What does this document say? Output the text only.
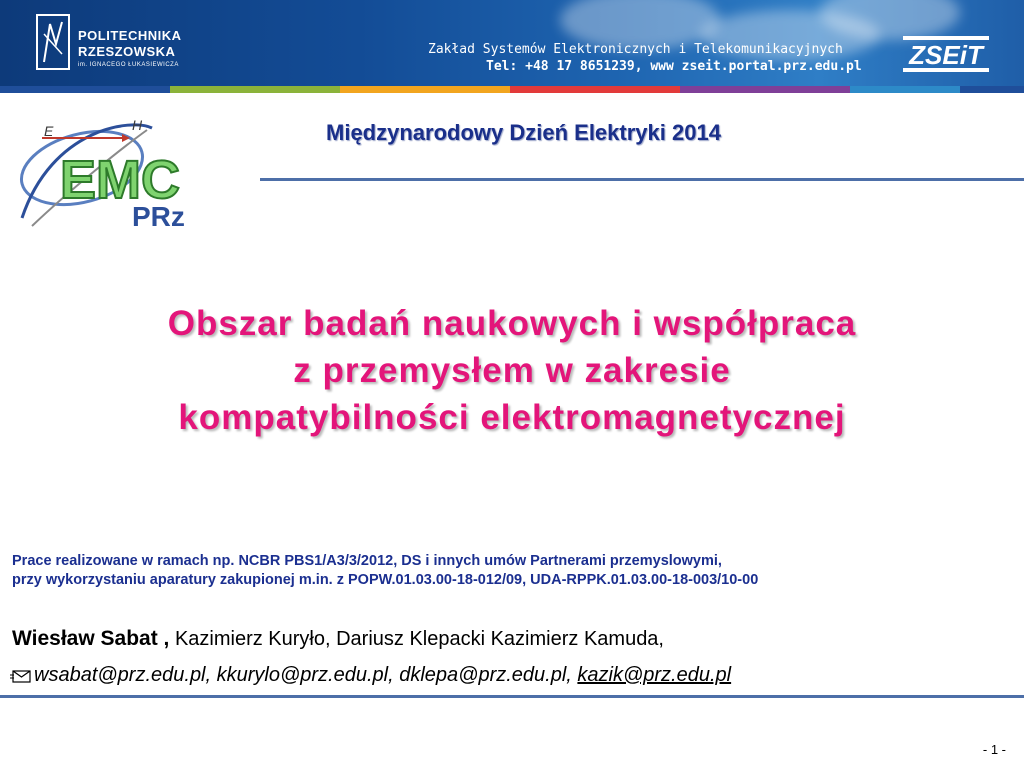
POLITECHNIKA
RZESZOWSKA
im. IGNACEGO ŁUKASIEWICZA
Zakład Systemów Elektronicznych i Telekomunikacyjnych
Tel: +48 17 8651239, www zseit.portal.prz.edu.pl ZSEiT
E	H
EMC
PRz
Międzynarodowy Dzień Elektryki 2014
Obszar badań naukowych i współpraca
z przemysłem w zakresie
kompatybilności elektromagnetycznej
Prace realizowane w ramach np. NCBR PBS1/A3/3/2012, DS i innych umów Partnerami przemyslowymi,
przy wykorzystaniu aparatury zakupionej m.in. z POPW.01.03.00-18-012/09, UDA-RPPK.01.03.00-18-003/10-00
Wiesław Sabat , Kazimierz Kuryło, Dariusz Klepacki Kazimierz Kamuda,
wsabat@prz.edu.pl, kkurylo@prz.edu.pl, dklepa@prz.edu.pl,
kazik@prz.edu.pl
- 1 -
